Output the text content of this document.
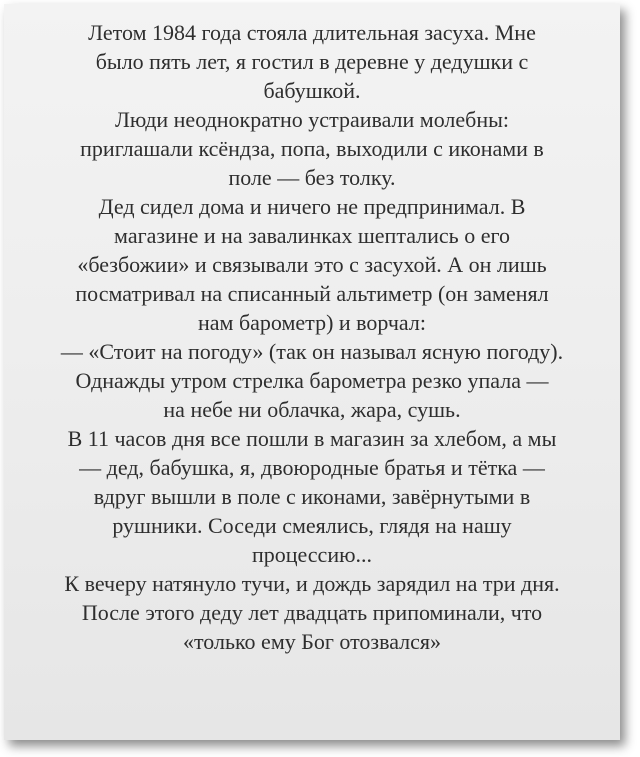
Летом 1984 года стояла длительная засуха. Мне
было пять лет, я гостил в деревне у дедушки с
бабушкой.
Люди неоднократно устраивали молебны:
приглашали ксёндза, попа, выходили с иконами в
поле — без толку.
Дед сидел дома и ничего не предпринимал. В
магазине и на завалинках шептались о его
«безбожии» и связывали это с засухой. А он лишь
посматривал на списанный альтиметр (он заменял
нам барометр) и ворчал:
— «Стоит на погоду» (так он называл ясную погоду).
Однажды утром стрелка барометра резко упала —
на небе ни облачка, жара, сушь.
В 11 часов дня все пошли в магазин за хлебом, а мы
— дед, бабушка, я, двоюродные братья и тётка —
вдруг вышли в поле с иконами, завёрнутыми в
рушники. Соседи смеялись, глядя на нашу
процессию...
К вечеру натянуло тучи, и дождь зарядил на три дня.
После этого деду лет двадцать припоминали, что
«только ему Бог отозвался»
